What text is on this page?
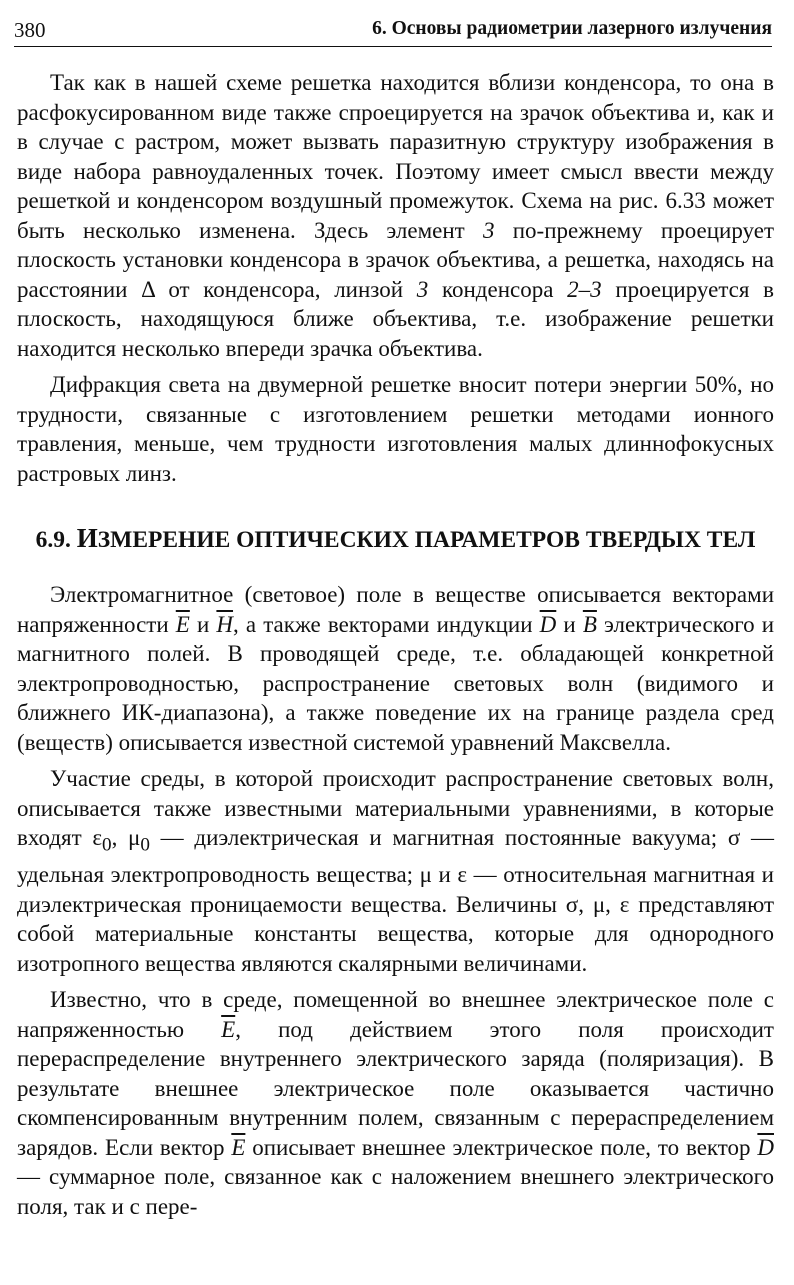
380	6. Основы радиометрии лазерного излучения

Так как в нашей схеме решетка находится вблизи конденсора, то она в расфокусированном виде также спроецируется на зрачок объектива и, как и в случае с растром, может вызвать паразитную структуру изображения в виде набора равноудаленных точек. Поэтому имеет смысл ввести между решеткой и конденсором воздушный промежуток. Схема на рис. 6.33 может быть несколько изменена. Здесь элемент 3 по-прежнему проецирует плоскость установки конденсора в зрачок объектива, а решетка, находясь на расстоянии Δ от конденсора, линзой 3 конденсора 2–3 проецируется в плоскость, находящуюся ближе объектива, т.е. изображение решетки находится несколько впереди зрачка объектива.

Дифракция света на двумерной решетке вносит потери энергии 50%, но трудности, связанные с изготовлением решетки методами ионного травления, меньше, чем трудности изготовления малых длиннофокусных растровых линз.

6.9. ИЗМЕРЕНИЕ ОПТИЧЕСКИХ ПАРАМЕТРОВ ТВЕРДЫХ ТЕЛ

Электромагнитное (световое) поле в веществе описывается векторами напряженности $\overline{E}$ и $\overline{H}$, а также векторами индукции $\overline{D}$ и $\overline{B}$ электрического и магнитного полей. В проводящей среде, т.е. обладающей конкретной электропроводностью, распространение световых волн (видимого и ближнего ИК-диапазона), а также поведение их на границе раздела сред (веществ) описывается известной системой уравнений Максвелла.

Участие среды, в которой происходит распространение световых волн, описывается также известными материальными уравнениями, в которые входят $\varepsilon_0$, $\mu_0$ — диэлектрическая и магнитная постоянные вакуума; σ — удельная электропроводность вещества; μ и ε — относительная магнитная и диэлектрическая проницаемости вещества. Величины σ, μ, ε представляют собой материальные константы вещества, которые для однородного изотропного вещества являются скалярными величинами.

Известно, что в среде, помещенной во внешнее электрическое поле с напряженностью $\overline{E}$, под действием этого поля происходит перераспределение внутреннего электрического заряда (поляризация). В результате внешнее электрическое поле оказывается частично скомпенсированным внутренним полем, связанным с перераспределением зарядов. Если вектор $\overline{E}$ описывает внешнее электрическое поле, то вектор $\overline{D}$ — суммарное поле, связанное как с наложением внешнего электрического поля, так и с пере-
